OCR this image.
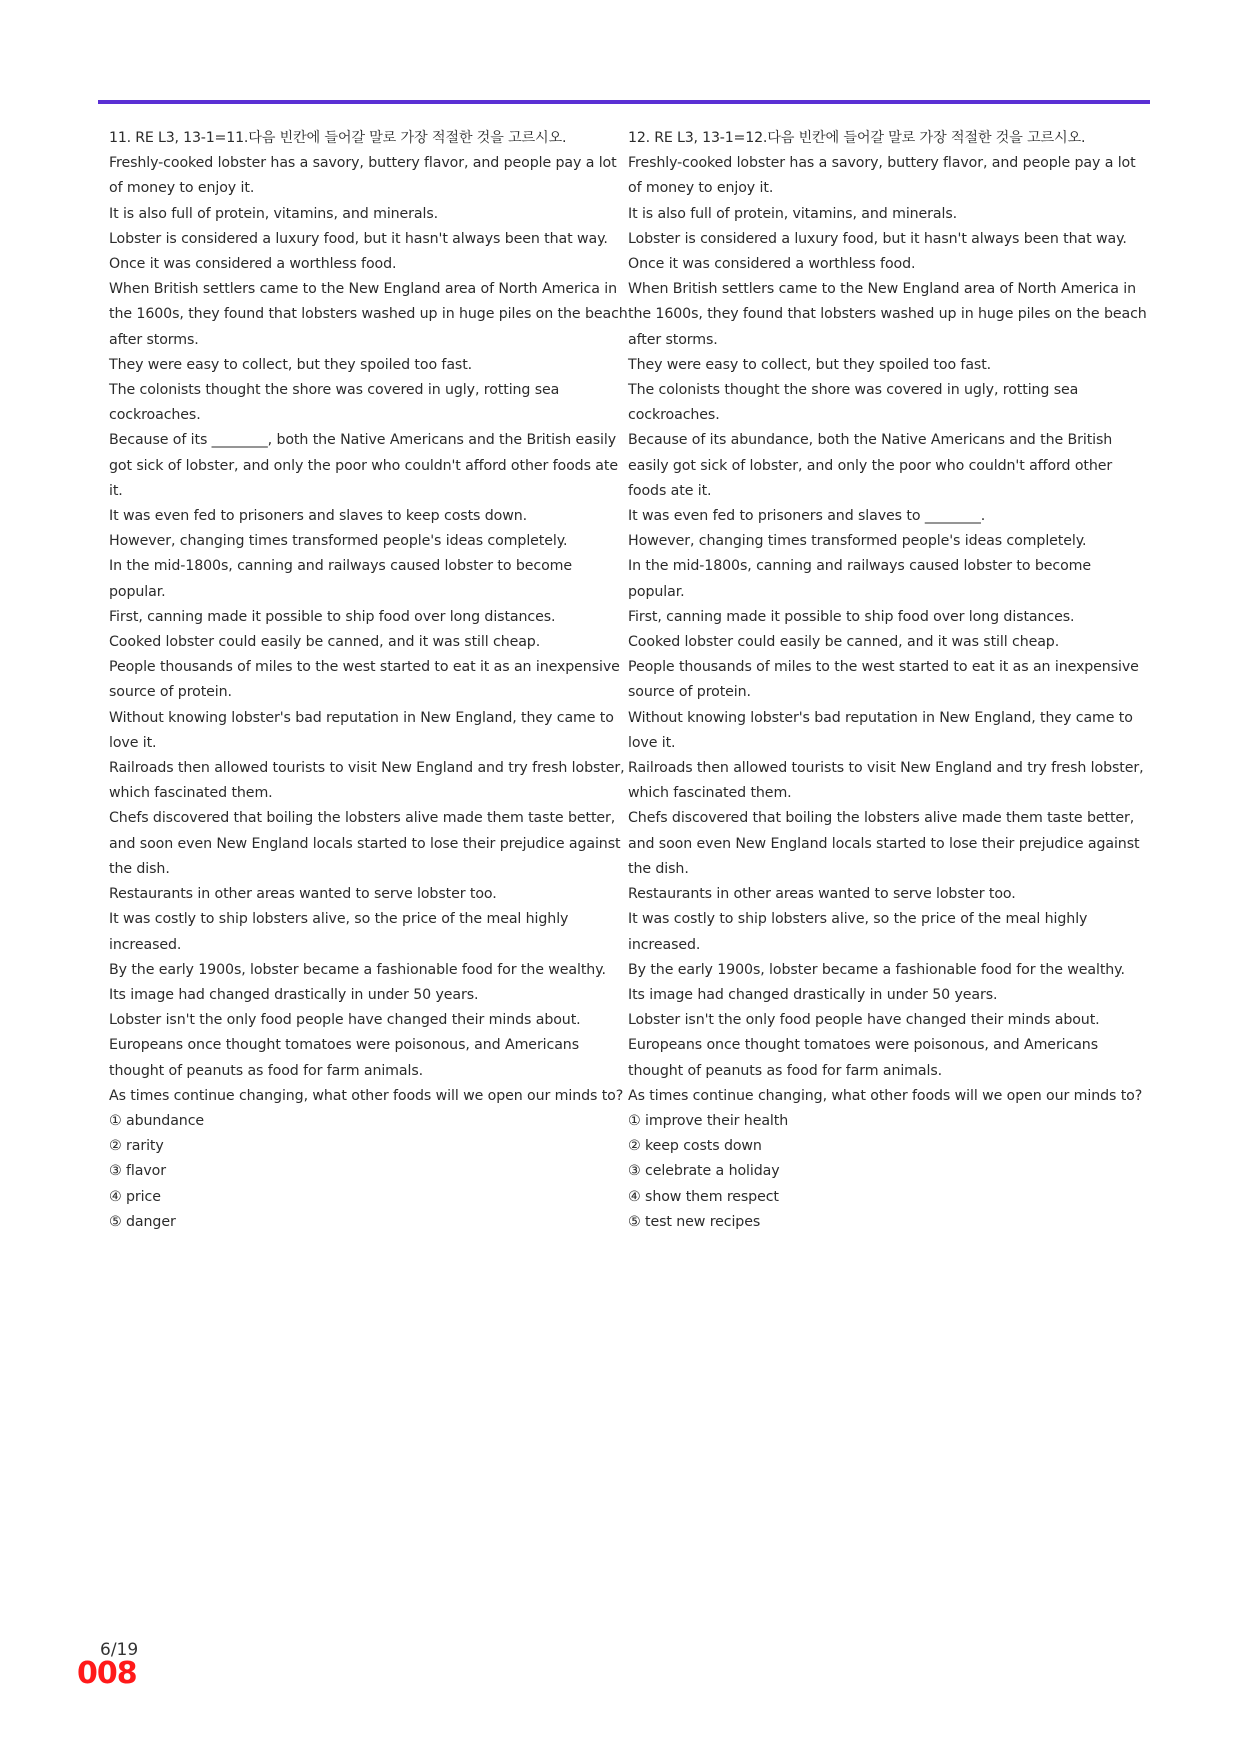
11. RE L3, 13-1=11.다음 빈칸에 들어갈 말로 가장 적절한 것을 고르시오.

Freshly-cooked lobster has a savory, buttery flavor, and people pay a lot of money to enjoy it.

It is also full of protein, vitamins, and minerals.

Lobster is considered a luxury food, but it hasn't always been that way.

Once it was considered a worthless food.

When British settlers came to the New England area of North America in the 1600s, they found that lobsters washed up in huge piles on the beach after storms.

They were easy to collect, but they spoiled too fast.

The colonists thought the shore was covered in ugly, rotting sea cockroaches.

Because of its ________, both the Native Americans and the British easily got sick of lobster, and only the poor who couldn't afford other foods ate it.

It was even fed to prisoners and slaves to keep costs down.

However, changing times transformed people's ideas completely.

In the mid-1800s, canning and railways caused lobster to become popular.

First, canning made it possible to ship food over long distances.

Cooked lobster could easily be canned, and it was still cheap.

People thousands of miles to the west started to eat it as an inexpensive source of protein.

Without knowing lobster's bad reputation in New England, they came to love it.

Railroads then allowed tourists to visit New England and try fresh lobster, which fascinated them.

Chefs discovered that boiling the lobsters alive made them taste better, and soon even New England locals started to lose their prejudice against the dish.

Restaurants in other areas wanted to serve lobster too.

It was costly to ship lobsters alive, so the price of the meal highly increased.

By the early 1900s, lobster became a fashionable food for the wealthy.

Its image had changed drastically in under 50 years.

Lobster isn't the only food people have changed their minds about.

Europeans once thought tomatoes were poisonous, and Americans thought of peanuts as food for farm animals.

As times continue changing, what other foods will we open our minds to?

① abundance

② rarity

③ flavor

④ price

⑤ danger

12. RE L3, 13-1=12.다음 빈칸에 들어갈 말로 가장 적절한 것을 고르시오.

Freshly-cooked lobster has a savory, buttery flavor, and people pay a lot of money to enjoy it.

It is also full of protein, vitamins, and minerals.

Lobster is considered a luxury food, but it hasn't always been that way.

Once it was considered a worthless food.

When British settlers came to the New England area of North America in the 1600s, they found that lobsters washed up in huge piles on the beach after storms.

They were easy to collect, but they spoiled too fast.

The colonists thought the shore was covered in ugly, rotting sea cockroaches.

Because of its abundance, both the Native Americans and the British easily got sick of lobster, and only the poor who couldn't afford other foods ate it.

It was even fed to prisoners and slaves to ________.

However, changing times transformed people's ideas completely.

In the mid-1800s, canning and railways caused lobster to become popular.

First, canning made it possible to ship food over long distances.

Cooked lobster could easily be canned, and it was still cheap.

People thousands of miles to the west started to eat it as an inexpensive source of protein.

Without knowing lobster's bad reputation in New England, they came to love it.

Railroads then allowed tourists to visit New England and try fresh lobster, which fascinated them.

Chefs discovered that boiling the lobsters alive made them taste better, and soon even New England locals started to lose their prejudice against the dish.

Restaurants in other areas wanted to serve lobster too.

It was costly to ship lobsters alive, so the price of the meal highly increased.

By the early 1900s, lobster became a fashionable food for the wealthy.

Its image had changed drastically in under 50 years.

Lobster isn't the only food people have changed their minds about.

Europeans once thought tomatoes were poisonous, and Americans thought of peanuts as food for farm animals.

As times continue changing, what other foods will we open our minds to?

① improve their health

② keep costs down

③ celebrate a holiday

④ show them respect

⑤ test new recipes

6/19
008
